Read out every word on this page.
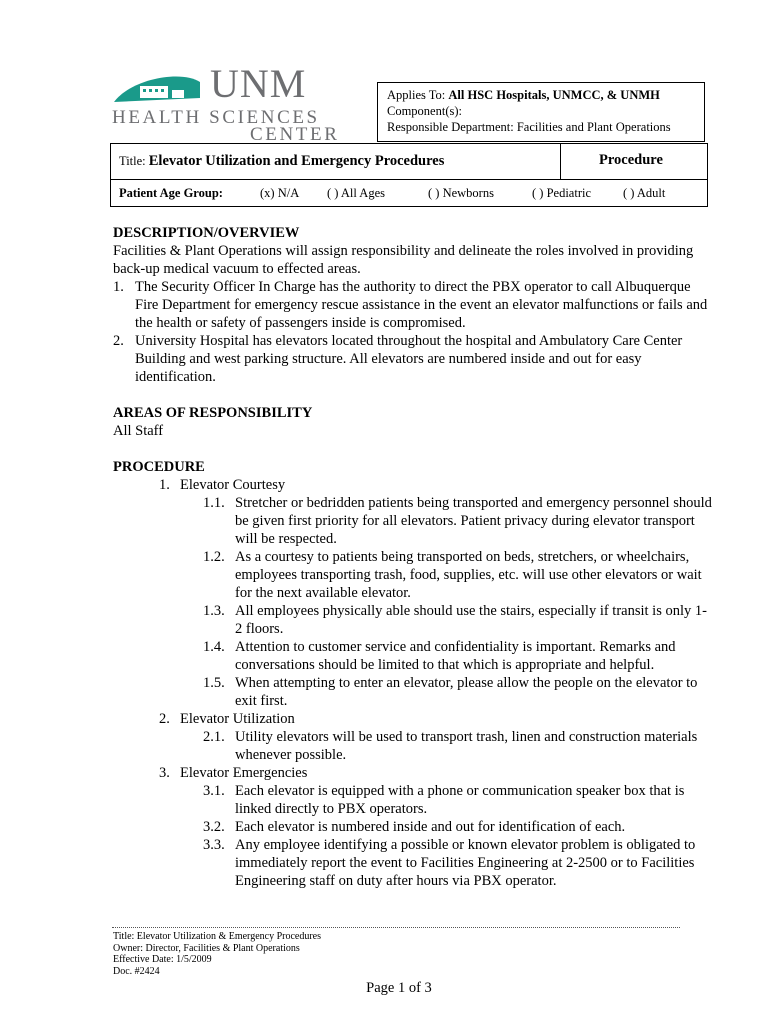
UNM
HEALTH SCIENCES
CENTER
Applies To: All HSC Hospitals, UNMCC, & UNMH
Component(s):
Responsible Department: Facilities and Plant Operations
Title: Elevator Utilization and Emergency Procedures	Procedure
Patient Age Group:	(x) N/A ( ) All Ages	( ) Newborns	( ) Pediatric	( ) Adult

DESCRIPTION/OVERVIEW

Facilities & Plant Operations will assign responsibility and delineate the roles involved in providing back-up medical vacuum to effected areas.

1. The Security Officer In Charge has the authority to direct the PBX operator to call Albuquerque Fire Department for emergency rescue assistance in the event an elevator malfunctions or fails and the health or safety of passengers inside is compromised.
2. University Hospital has elevators located throughout the hospital and Ambulatory Care Center Building and west parking structure. All elevators are numbered inside and out for easy identification.

AREAS OF RESPONSIBILITY

All Staff

PROCEDURE

1. Elevator Courtesy
1.1. Stretcher or bedridden patients being transported and emergency personnel should be given first priority for all elevators. Patient privacy during elevator transport will be respected.
1.2. As a courtesy to patients being transported on beds, stretchers, or wheelchairs, employees transporting trash, food, supplies, etc. will use other elevators or wait for the next available elevator.
1.3. All employees physically able should use the stairs, especially if transit is only 1-2 floors.
1.4. Attention to customer service and confidentiality is important. Remarks and conversations should be limited to that which is appropriate and helpful.
1.5. When attempting to enter an elevator, please allow the people on the elevator to exit first.
2. Elevator Utilization
2.1. Utility elevators will be used to transport trash, linen and construction materials whenever possible.
3. Elevator Emergencies
3.1. Each elevator is equipped with a phone or communication speaker box that is linked directly to PBX operators.
3.2. Each elevator is numbered inside and out for identification of each.
3.3. Any employee identifying a possible or known elevator problem is obligated to immediately report the event to Facilities Engineering at 2-2500 or to Facilities Engineering staff on duty after hours via PBX operator.
Title: Elevator Utilization & Emergency Procedures
Owner: Director, Facilities & Plant Operations
Effective Date: 1/5/2009
Doc. #2424
Page 1 of 3
